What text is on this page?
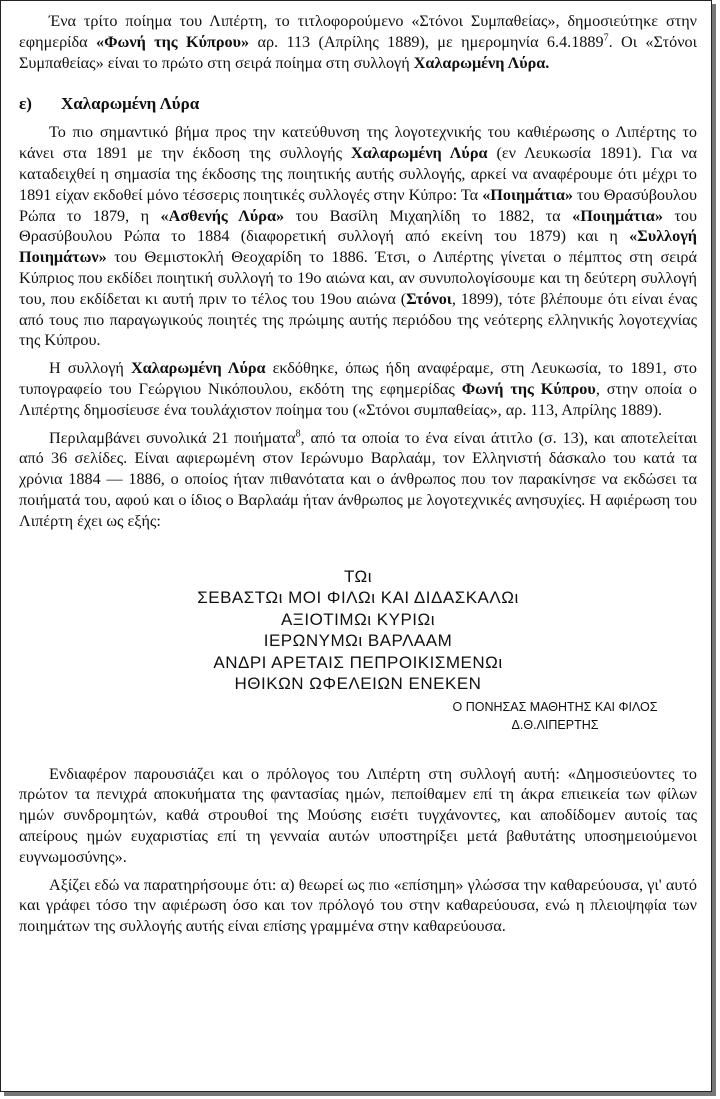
Ένα τρίτο ποίημα του Λιπέρτη, το τιτλοφορούμενο «Στόνοι Συμπαθείας», δημοσιεύτηκε στην εφημερίδα «Φωνή της Κύπρου» αρ. 113 (Απρίλης 1889), με ημερομηνία 6.4.1889$^7$. Οι «Στόνοι Συμπαθείας» είναι το πρώτο στη σειρά ποίημα στη συλλογή Χαλαρωμένη Λύρα.

ε) Χαλαρωμένη Λύρα

Το πιο σημαντικό βήμα προς την κατεύθυνση της λογοτεχνικής του καθιέρωσης ο Λιπέρτης το κάνει στα 1891 με την έκδοση της συλλογής Χαλαρωμένη Λύρα (εν Λευκωσία 1891). Για να καταδειχθεί η σημασία της έκδοσης της ποιητικής αυτής συλλογής, αρκεί να αναφέρουμε ότι μέχρι το 1891 είχαν εκδοθεί μόνο τέσσερις ποιητικές συλλογές στην Κύπρο: Τα «Ποιημάτια» του Θρασύβουλου Ρώπα το 1879, η «Ασθενής Λύρα» του Βασίλη Μιχαηλίδη το 1882, τα «Ποιημάτια» του Θρασύβουλου Ρώπα το 1884 (διαφορετική συλλογή από εκείνη του 1879) και η «Συλλογή Ποιημάτων» του Θεμιστοκλή Θεοχαρίδη το 1886. Έτσι, ο Λιπέρτης γίνεται ο πέμπτος στη σειρά Κύπριος που εκδίδει ποιητική συλλογή το 19ο αιώνα και, αν συνυπολογίσουμε και τη δεύτερη συλλογή του, που εκδίδεται κι αυτή πριν το τέλος του 19ου αιώνα (Στόνοι, 1899), τότε βλέπουμε ότι είναι ένας από τους πιο παραγωγικούς ποιητές της πρώιμης αυτής περιόδου της νεότερης ελληνικής λογοτεχνίας της Κύπρου.

Η συλλογή Χαλαρωμένη Λύρα εκδόθηκε, όπως ήδη αναφέραμε, στη Λευκωσία, το 1891, στο τυπογραφείο του Γεώργιου Νικόπουλου, εκδότη της εφημερίδας Φωνή της Κύπρου, στην οποία ο Λιπέρτης δημοσίευσε ένα τουλάχιστον ποίημα του («Στόνοι συμπαθείας», αρ. 113, Απρίλης 1889).

Περιλαμβάνει συνολικά 21 ποιήματα$^8$, από τα οποία το ένα είναι άτιτλο (σ. 13), και αποτελείται από 36 σελίδες. Είναι αφιερωμένη στον Ιερώνυμο Βαρλαάμ, τον Ελληνιστή δάσκαλο του κατά τα χρόνια 1884 — 1886, ο οποίος ήταν πιθανότατα και ο άνθρωπος που τον παρακίνησε να εκδώσει τα ποιήματά του, αφού και ο ίδιος ο Βαρλαάμ ήταν άνθρωπος με λογοτεχνικές ανησυχίες. Η αφιέρωση του Λιπέρτη έχει ως εξής:

ΤΩι
ΣΕΒΑΣΤΩι ΜΟΙ ΦΙΛΩι ΚΑΙ ΔΙΔΑΣΚΑΛΩι
ΑΞΙΟΤΙΜΩι ΚΥΡΙΩι
ΙΕΡΩΝΥΜΩι ΒΑΡΛΑΑΜ
ΑΝΔΡΙ ΑΡΕΤΑΙΣ ΠΕΠΡΟΙΚΙΣΜΕΝΩι
ΗΘΙΚΩΝ ΩΦΕΛΕΙΩΝ ΕΝΕΚΕΝ
Ο ΠΟΝΗΣΑΣ ΜΑΘΗΤΗΣ ΚΑΙ ΦΙΛΟΣ
Δ.Θ.ΛΙΠΕΡΤΗΣ

Ενδιαφέρον παρουσιάζει και ο πρόλογος του Λιπέρτη στη συλλογή αυτή: «Δημοσιεύοντες το πρώτον τα πενιχρά αποκυήματα της φαντασίας ημών, πεποίθαμεν επί τη άκρα επιεικεία των φίλων ημών συνδρομητών, καθά στρουθοί της Μούσης εισέτι τυγχάνοντες, και αποδίδομεν αυτοίς τας απείρους ημών ευχαριστίας επί τη γενναία αυτών υποστηρίξει μετά βαθυτάτης υποσημειούμενοι ευγνωμοσύνης».

Αξίζει εδώ να παρατηρήσουμε ότι: α) θεωρεί ως πιο «επίσημη» γλώσσα την καθαρεύουσα, γι' αυτό και γράφει τόσο την αφιέρωση όσο και τον πρόλογό του στην καθαρεύουσα, ενώ η πλειοψηφία των ποιημάτων της συλλογής αυτής είναι επίσης γραμμένα στην καθαρεύουσα.
